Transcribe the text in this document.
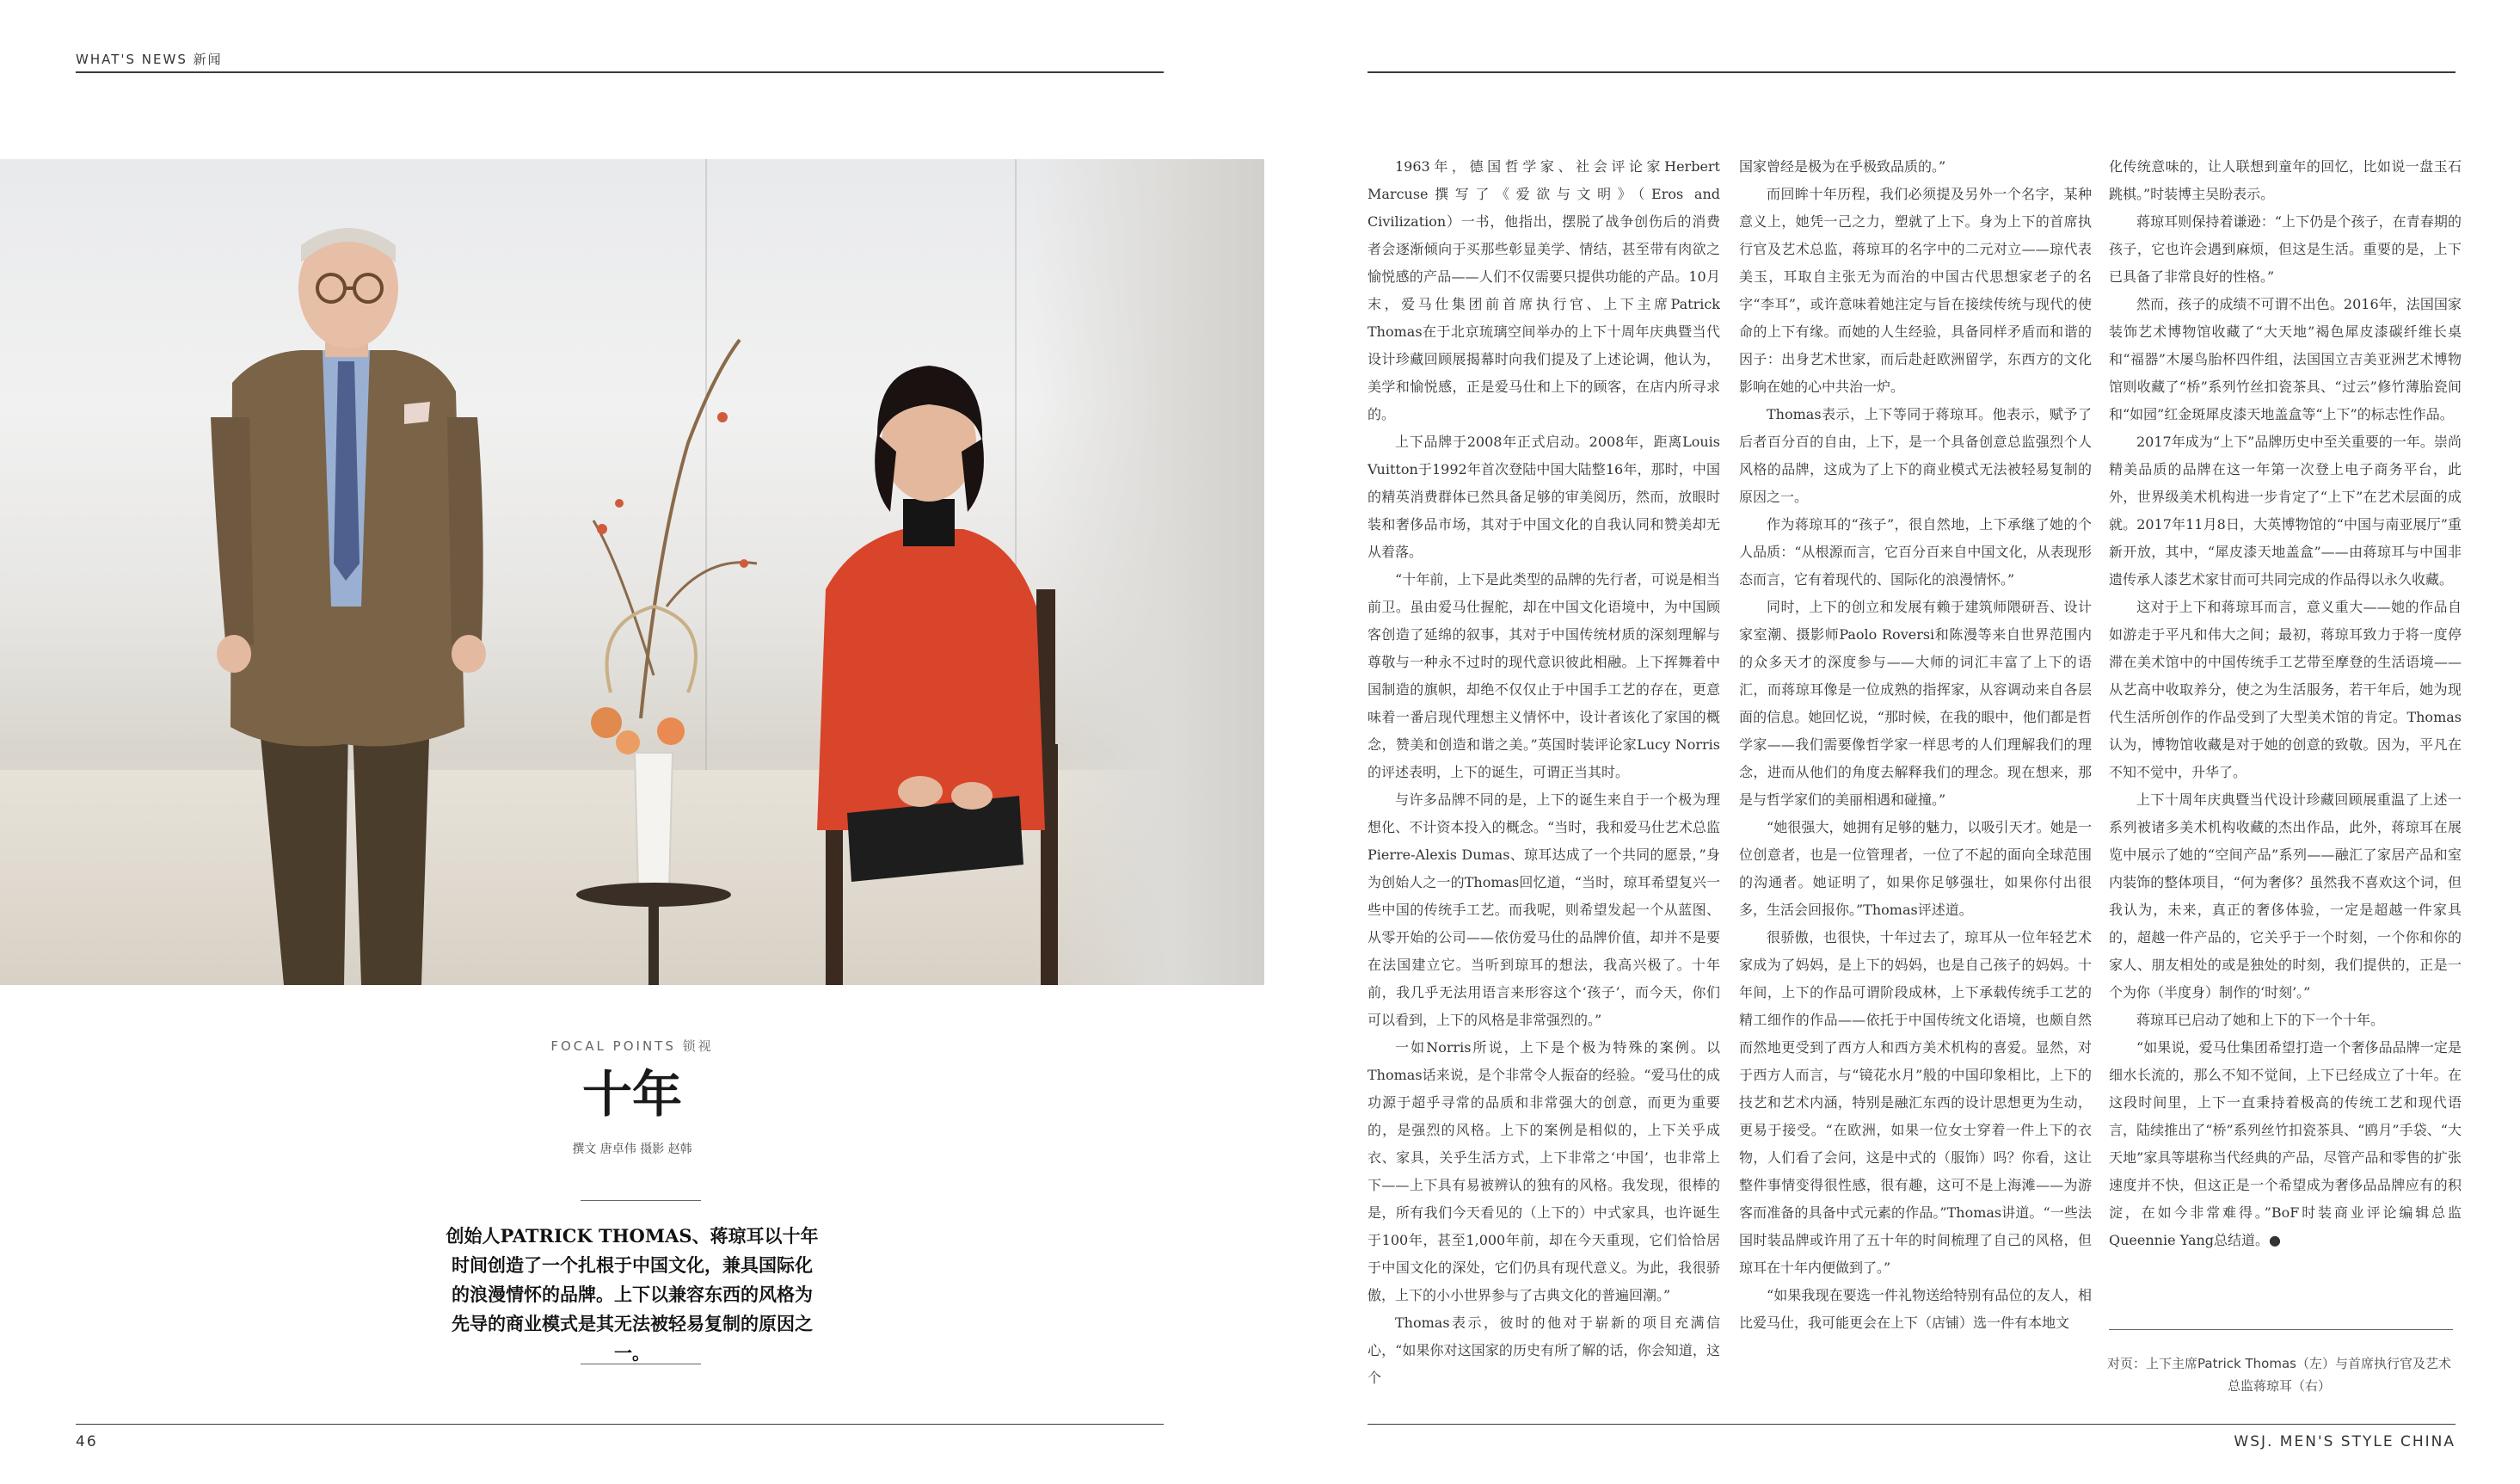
WHAT'S NEWS 新闻
FOCAL POINTS 锁视
十年
撰文 唐卓伟 摄影 赵韩
创始人PATRICK THOMAS、蒋琼耳以十年时间创造了一个扎根于中国文化，兼具国际化的浪漫情怀的品牌。上下以兼容东西的风格为先导的商业模式是其无法被轻易复制的原因之一。

1963年，德国哲学家、社会评论家Herbert Marcuse撰写了《爱欲与文明》（Eros and Civilization）一书，他指出，摆脱了战争创伤后的消费者会逐渐倾向于买那些彰显美学、情结，甚至带有肉欲之愉悦感的产品——人们不仅需要只提供功能的产品。10月末，爱马仕集团前首席执行官、上下主席Patrick Thomas在于北京琉璃空间举办的上下十周年庆典暨当代设计珍藏回顾展揭幕时向我们提及了上述论调，他认为，美学和愉悦感，正是爱马仕和上下的顾客，在店内所寻求的。

上下品牌于2008年正式启动。2008年，距离Louis Vuitton于1992年首次登陆中国大陆整16年，那时，中国的精英消费群体已然具备足够的审美阅历，然而，放眼时装和奢侈品市场，其对于中国文化的自我认同和赞美却无从着落。

“十年前，上下是此类型的品牌的先行者，可说是相当前卫。虽由爱马仕握舵，却在中国文化语境中，为中国顾客创造了延绵的叙事，其对于中国传统材质的深刻理解与尊敬与一种永不过时的现代意识彼此相融。上下挥舞着中国制造的旗帜，却绝不仅仅止于中国手工艺的存在，更意味着一番启现代理想主义情怀中，设计者该化了家国的概念，赞美和创造和谐之美。”英国时装评论家Lucy Norris的评述表明，上下的诞生，可谓正当其时。

与许多品牌不同的是，上下的诞生来自于一个极为理想化、不计资本投入的概念。“当时，我和爱马仕艺术总监Pierre-Alexis Dumas、琼耳达成了一个共同的愿景，”身为创始人之一的Thomas回忆道，“当时，琼耳希望复兴一些中国的传统手工艺。而我呢，则希望发起一个从蓝图、从零开始的公司——依仿爱马仕的品牌价值，却并不是要在法国建立它。当听到琼耳的想法，我高兴极了。十年前，我几乎无法用语言来形容这个‘孩子’，而今天，你们可以看到，上下的风格是非常强烈的。”

一如Norris所说，上下是个极为特殊的案例。以Thomas话来说，是个非常令人振奋的经验。“爱马仕的成功源于超乎寻常的品质和非常强大的创意，而更为重要的，是强烈的风格。上下的案例是相似的，上下关乎成衣、家具，关乎生活方式，上下非常之‘中国’，也非常上下——上下具有易被辨认的独有的风格。我发现，很棒的是，所有我们今天看见的（上下的）中式家具，也许诞生于100年，甚至1,000年前，却在今天重现，它们恰恰居于中国文化的深处，它们仍具有现代意义。为此，我很骄傲，上下的小小世界参与了古典文化的普遍回潮。”

Thomas表示，彼时的他对于崭新的项目充满信心，“如果你对这国家的历史有所了解的话，你会知道，这个

国家曾经是极为在乎极致品质的。”

而回眸十年历程，我们必须提及另外一个名字，某种意义上，她凭一己之力，塑就了上下。身为上下的首席执行官及艺术总监，蒋琼耳的名字中的二元对立——琼代表美玉，耳取自主张无为而治的中国古代思想家老子的名字“李耳”，或许意味着她注定与旨在接续传统与现代的使命的上下有缘。而她的人生经验，具备同样矛盾而和谐的因子：出身艺术世家，而后赴赶欧洲留学，东西方的文化影响在她的心中共治一炉。

Thomas表示，上下等同于蒋琼耳。他表示，赋予了后者百分百的自由，上下，是一个具备创意总监强烈个人风格的品牌，这成为了上下的商业模式无法被轻易复制的原因之一。

作为蒋琼耳的“孩子”，很自然地，上下承继了她的个人品质：“从根源而言，它百分百来自中国文化，从表现形态而言，它有着现代的、国际化的浪漫情怀。”

同时，上下的创立和发展有赖于建筑师隈研吾、设计家室潮、摄影师Paolo Roversi和陈漫等来自世界范围内的众多天才的深度参与——大师的词汇丰富了上下的语汇，而蒋琼耳像是一位成熟的指挥家，从容调动来自各层面的信息。她回忆说，“那时候，在我的眼中，他们都是哲学家——我们需要像哲学家一样思考的人们理解我们的理念，进而从他们的角度去解释我们的理念。现在想来，那是与哲学家们的美丽相遇和碰撞。”

“她很强大，她拥有足够的魅力，以吸引天才。她是一位创意者，也是一位管理者，一位了不起的面向全球范围的沟通者。她证明了，如果你足够强壮，如果你付出很多，生活会回报你。”Thomas评述道。

很骄傲，也很快，十年过去了，琼耳从一位年轻艺术家成为了妈妈，是上下的妈妈，也是自己孩子的妈妈。十年间，上下的作品可谓阶段成林，上下承载传统手工艺的精工细作的作品——依托于中国传统文化语境，也颇自然而然地更受到了西方人和西方美术机构的喜爱。显然，对于西方人而言，与“镜花水月”般的中国印象相比，上下的技艺和艺术内涵，特别是融汇东西的设计思想更为生动，更易于接受。“在欧洲，如果一位女士穿着一件上下的衣物，人们看了会问，这是中式的（服饰）吗？你看，这让整件事情变得很性感，很有趣，这可不是上海滩——为游客而准备的具备中式元素的作品。”Thomas讲道。“一些法国时装品牌或许用了五十年的时间梳理了自己的风格，但琼耳在十年内便做到了。”

“如果我现在要选一件礼物送给特别有品位的友人，相比爱马仕，我可能更会在上下（店铺）选一件有本地文

化传统意味的，让人联想到童年的回忆，比如说一盘玉石跳棋。”时装博主吴盼表示。

蒋琼耳则保持着谦逊：“上下仍是个孩子，在青春期的孩子，它也许会遇到麻烦，但这是生活。重要的是，上下已具备了非常良好的性格。”

然而，孩子的成绩不可谓不出色。2016年，法国国家装饰艺术博物馆收藏了“大天地”褐色犀皮漆碳纤维长桌和“福器”木屡鸟胎杯四件组，法国国立吉美亚洲艺术博物馆则收藏了“桥”系列竹丝扣瓷茶具、“过云”修竹薄胎瓷间和“如园”红金斑犀皮漆天地盖盒等“上下”的标志性作品。

2017年成为“上下”品牌历史中至关重要的一年。崇尚精美品质的品牌在这一年第一次登上电子商务平台，此外，世界级美术机构进一步肯定了“上下”在艺术层面的成就。2017年11月8日，大英博物馆的“中国与南亚展厅”重新开放，其中，“犀皮漆天地盖盒”——由蒋琼耳与中国非遗传承人漆艺术家甘而可共同完成的作品得以永久收藏。

这对于上下和蒋琼耳而言，意义重大——她的作品自如游走于平凡和伟大之间；最初，蒋琼耳致力于将一度停滞在美术馆中的中国传统手工艺带至摩登的生活语境——从艺高中收取养分，使之为生活服务，若干年后，她为现代生活所创作的作品受到了大型美术馆的肯定。Thomas认为，博物馆收藏是对于她的创意的致敬。因为，平凡在不知不觉中，升华了。

上下十周年庆典暨当代设计珍藏回顾展重温了上述一系列被诸多美术机构收藏的杰出作品，此外，蒋琼耳在展览中展示了她的“空间产品”系列——融汇了家居产品和室内装饰的整体项目，“何为奢侈？虽然我不喜欢这个词，但我认为，未来，真正的奢侈体验，一定是超越一件家具的，超越一件产品的，它关乎于一个时刻，一个你和你的家人、朋友相处的或是独处的时刻，我们提供的，正是一个为你（半度身）制作的‘时刻’。”

蒋琼耳已启动了她和上下的下一个十年。

“如果说，爱马仕集团希望打造一个奢侈品品牌一定是细水长流的，那么不知不觉间，上下已经成立了十年。在这段时间里，上下一直秉持着极高的传统工艺和现代语言，陆续推出了“桥”系列丝竹扣瓷茶具、“鸥月”手袋、“大天地”家具等堪称当代经典的产品，尽管产品和零售的扩张速度并不快，但这正是一个希望成为奢侈品品牌应有的积淀，在如今非常难得。”BoF时装商业评论编辑总监Queennie Yang总结道。●

对页：上下主席Patrick Thomas（左）与首席执行官及艺术总监蒋琼耳（右）
46	WSJ. MEN'S STYLE CHINA
